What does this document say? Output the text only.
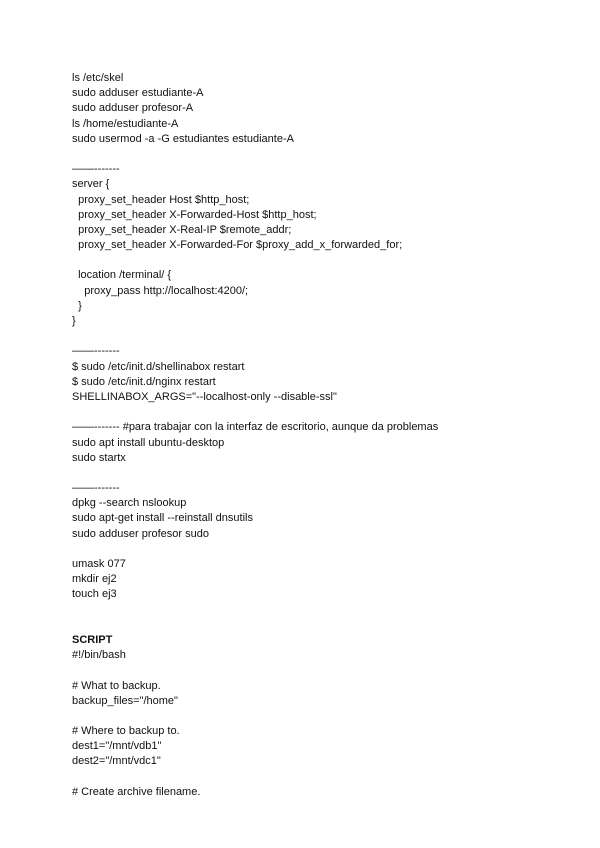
ls /etc/skel
sudo adduser estudiante-A
sudo adduser profesor-A
ls /home/estudiante-A
sudo usermod -a -G estudiantes estudiante-A
——-------
server {
proxy_set_header Host $http_host;
proxy_set_header X-Forwarded-Host $http_host;
proxy_set_header X-Real-IP $remote_addr;
proxy_set_header X-Forwarded-For $proxy_add_x_forwarded_for;
location /terminal/ {
proxy_pass http://localhost:4200/;
}
}
——-------
$ sudo /etc/init.d/shellinabox restart
$ sudo /etc/init.d/nginx restart
SHELLINABOX_ARGS="--localhost-only --disable-ssl"
——------- #para trabajar con la interfaz de escritorio, aunque da problemas
sudo apt install ubuntu-desktop
sudo startx
——-------
dpkg --search nslookup
sudo apt-get install --reinstall dnsutils
sudo adduser profesor sudo
umask 077
mkdir ej2
touch ej3
SCRIPT
#!/bin/bash
# What to backup.
backup_files="/home"
# Where to backup to.
dest1="/mnt/vdb1"
dest2="/mnt/vdc1"
# Create archive filename.
